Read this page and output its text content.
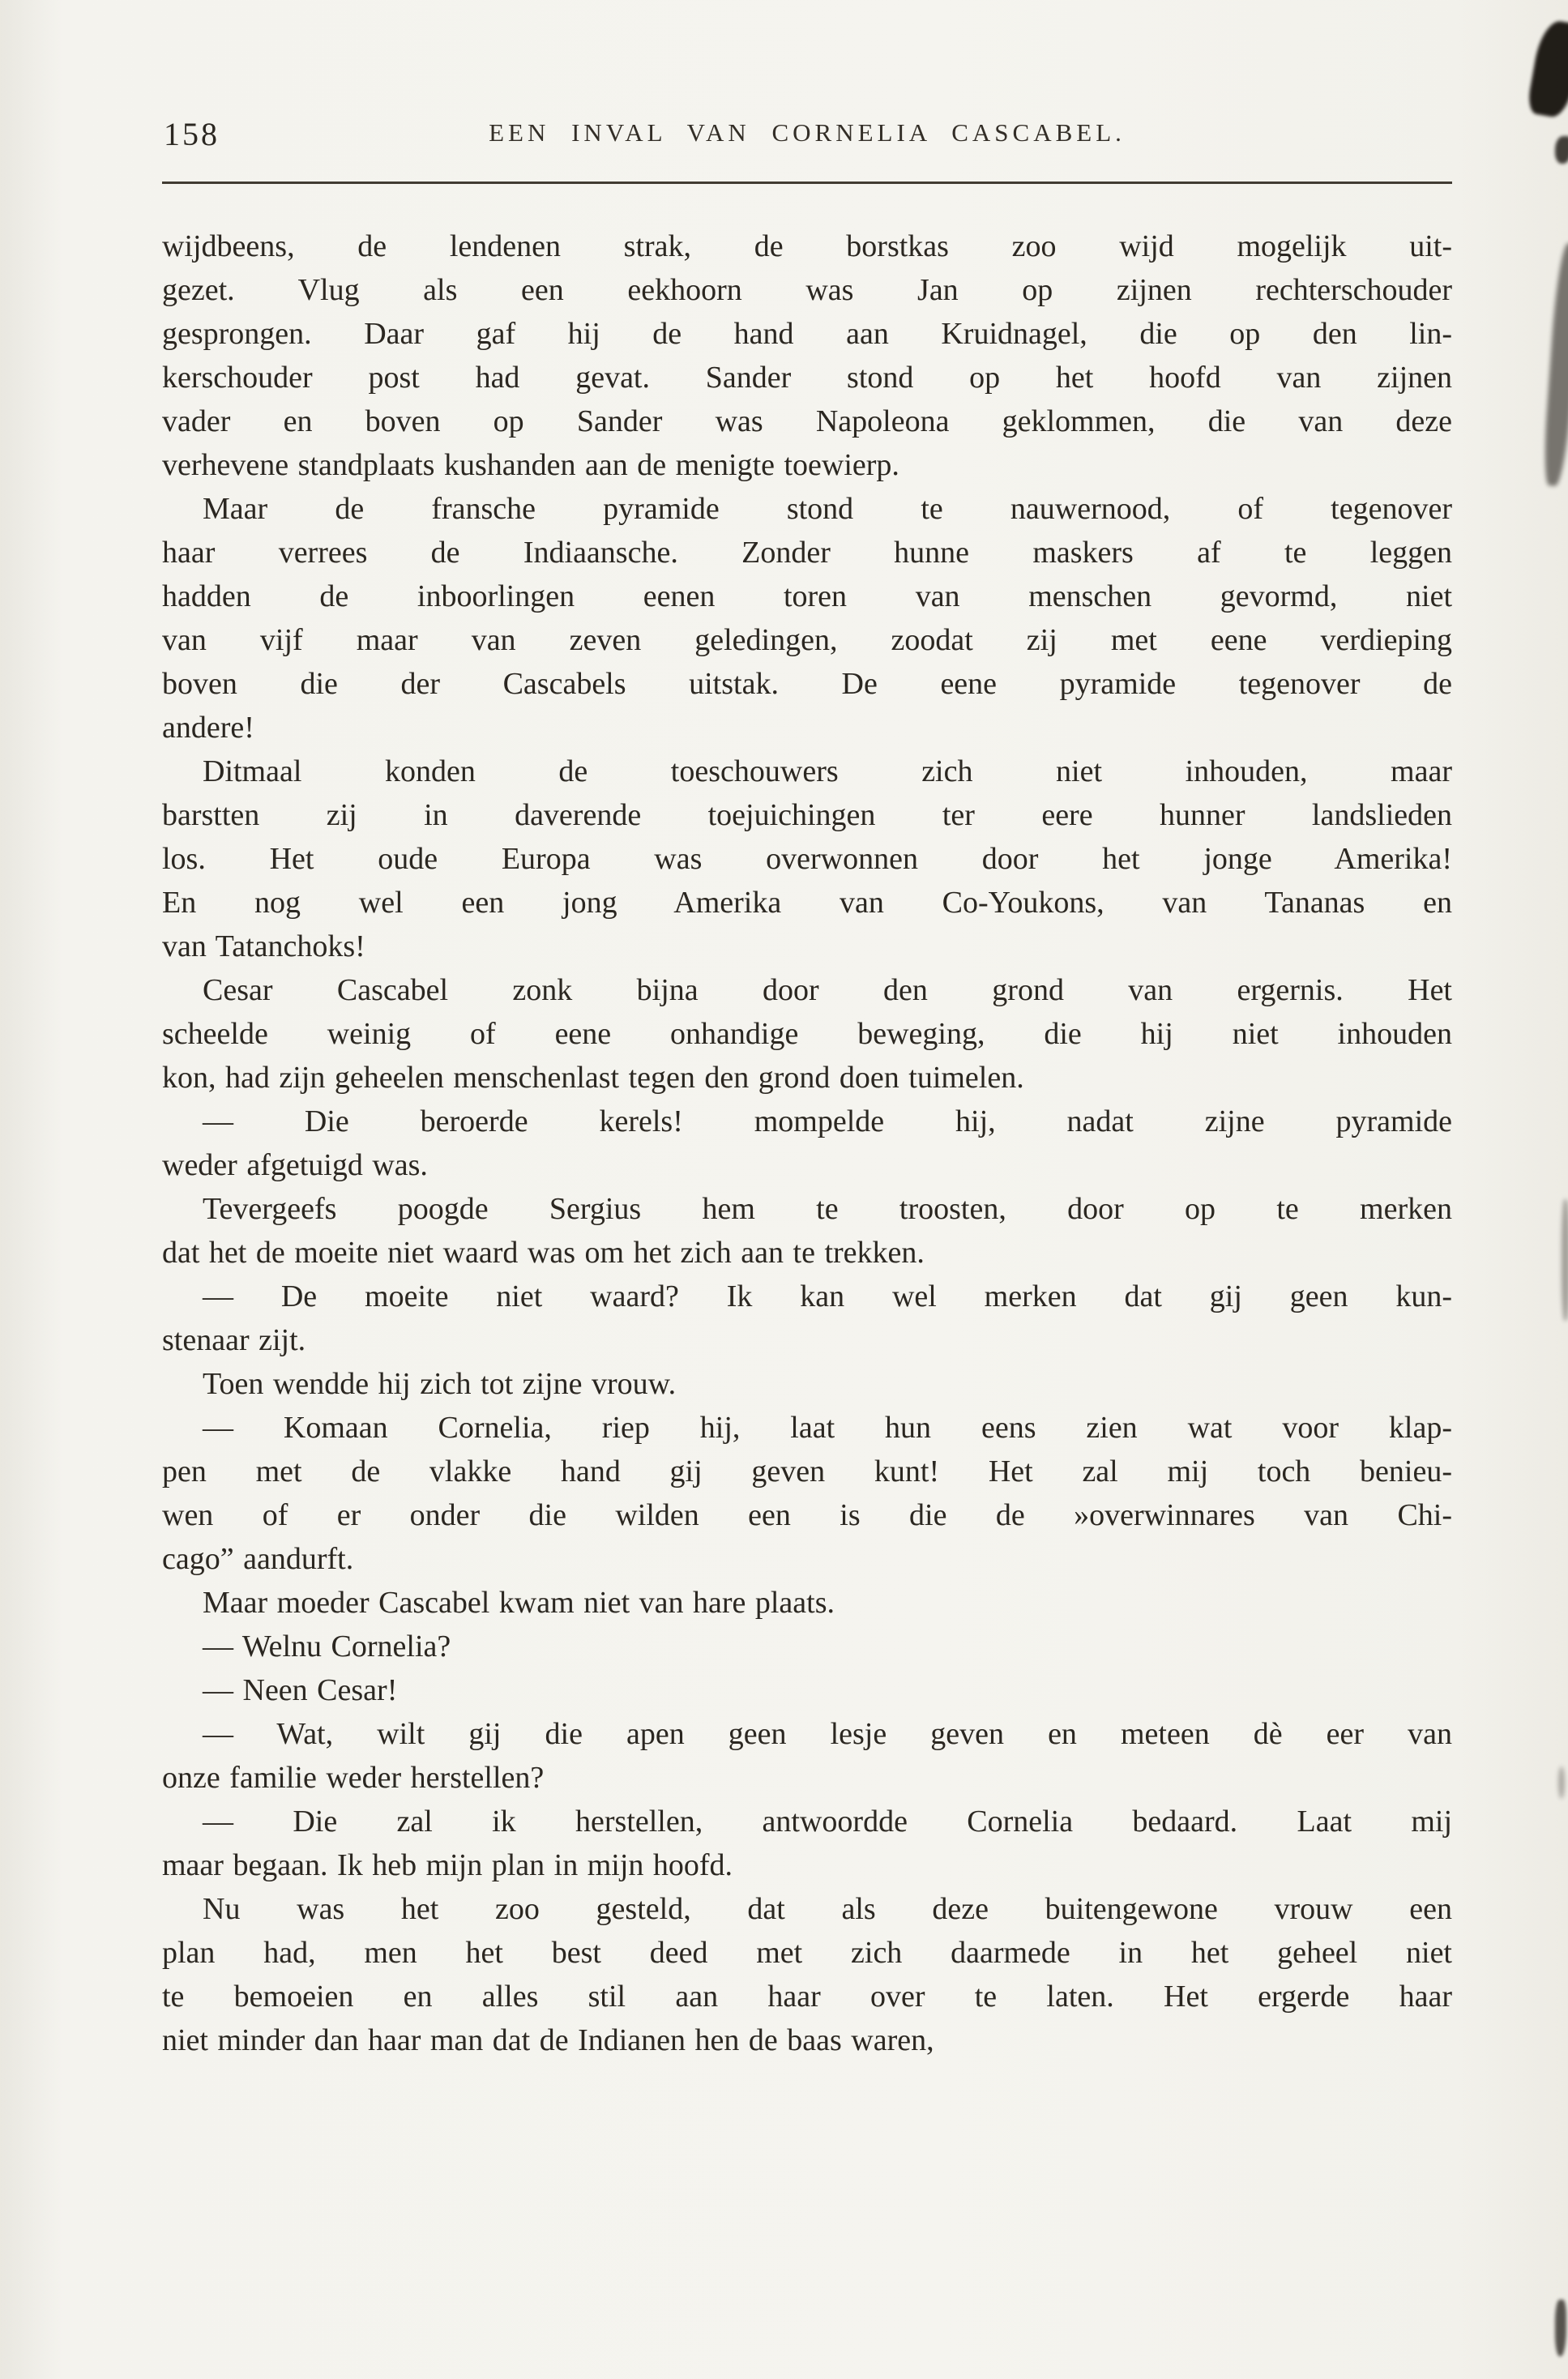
158	EEN INVAL VAN CORNELIA CASCABEL.
wijdbeens, de lendenen strak, de borstkas zoo wijd mogelijk uit-
gezet. Vlug als een eekhoorn was Jan op zijnen rechterschouder
gesprongen. Daar gaf hij de hand aan Kruidnagel, die op den lin-
kerschouder post had gevat. Sander stond op het hoofd van zijnen
vader en boven op Sander was Napoleona geklommen, die van deze
verhevene standplaats kushanden aan de menigte toewierp.
Maar de fransche pyramide stond te nauwernood, of tegenover
haar verrees de Indiaansche. Zonder hunne maskers af te leggen
hadden de inboorlingen eenen toren van menschen gevormd, niet
van vijf maar van zeven geledingen, zoodat zij met eene verdieping
boven die der Cascabels uitstak. De eene pyramide tegenover de
andere!
Ditmaal konden de toeschouwers zich niet inhouden, maar
barstten zij in daverende toejuichingen ter eere hunner landslieden
los. Het oude Europa was overwonnen door het jonge Amerika!
En nog wel een jong Amerika van Co-Youkons, van Tananas en
van Tatanchoks!
Cesar Cascabel zonk bijna door den grond van ergernis. Het
scheelde weinig of eene onhandige beweging, die hij niet inhouden
kon, had zijn geheelen menschenlast tegen den grond doen tuimelen.
— Die beroerde kerels! mompelde hij, nadat zijne pyramide
weder afgetuigd was.
Tevergeefs poogde Sergius hem te troosten, door op te merken
dat het de moeite niet waard was om het zich aan te trekken.
— De moeite niet waard? Ik kan wel merken dat gij geen kun-
stenaar zijt.
Toen wendde hij zich tot zijne vrouw.
— Komaan Cornelia, riep hij, laat hun eens zien wat voor klap-
pen met de vlakke hand gij geven kunt! Het zal mij toch benieu-
wen of er onder die wilden een is die de »overwinnares van Chi-
cago” aandurft.
Maar moeder Cascabel kwam niet van hare plaats.
— Welnu Cornelia?
— Neen Cesar!
— Wat, wilt gij die apen geen lesje geven en meteen dè eer van
onze familie weder herstellen?
— Die zal ik herstellen, antwoordde Cornelia bedaard. Laat mij
maar begaan. Ik heb mijn plan in mijn hoofd.
Nu was het zoo gesteld, dat als deze buitengewone vrouw een
plan had, men het best deed met zich daarmede in het geheel niet
te bemoeien en alles stil aan haar over te laten. Het ergerde haar
niet minder dan haar man dat de Indianen hen de baas waren,
